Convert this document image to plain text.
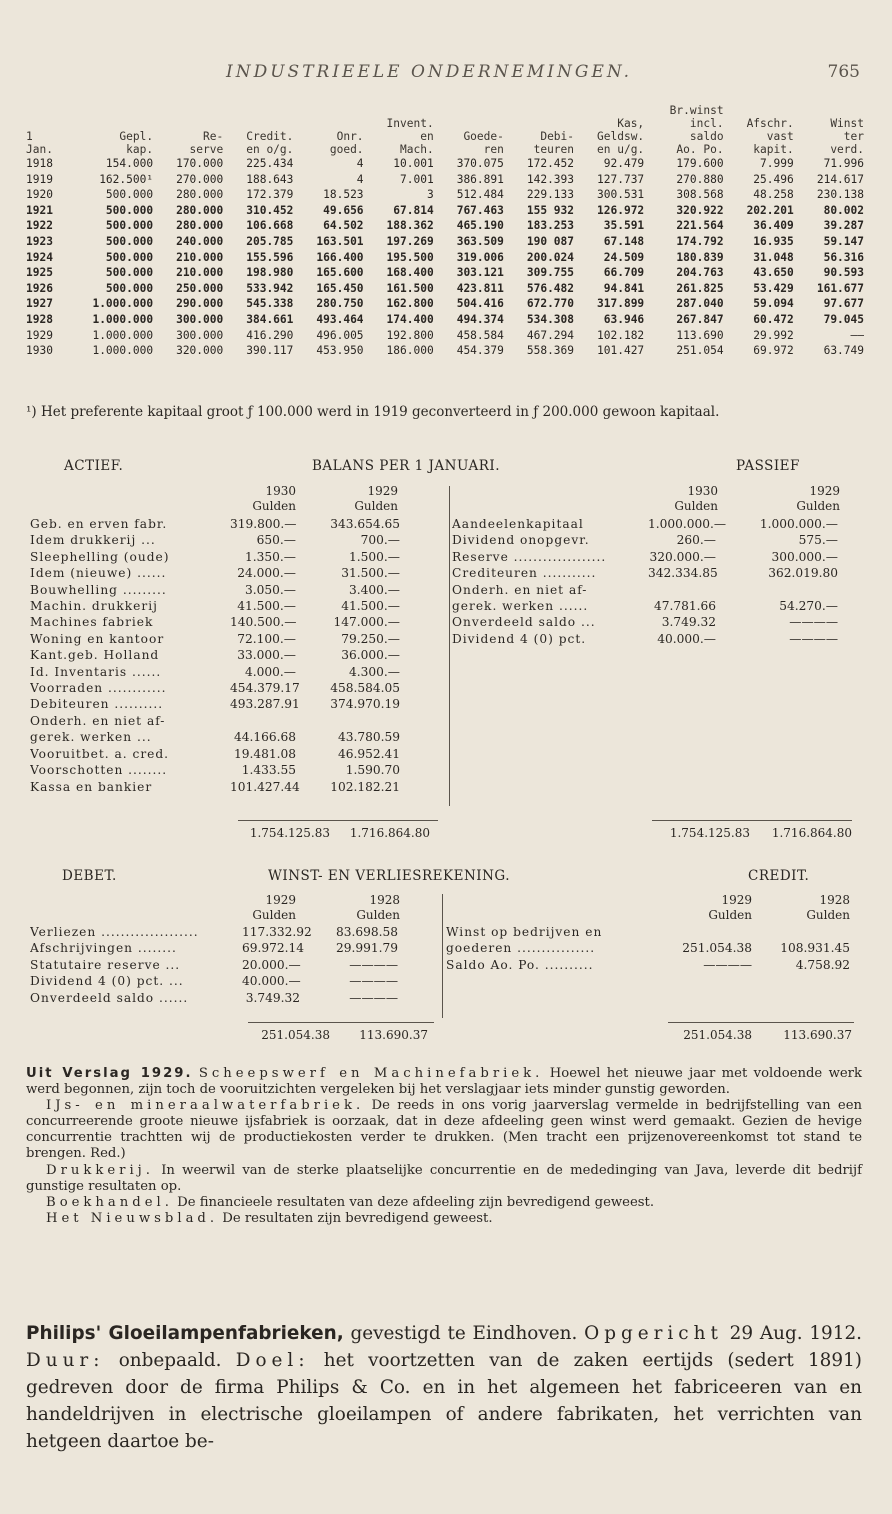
INDUSTRIEELE ONDERNEMINGEN.	765
									Br.winst		
					Invent.			Kas,	incl.	Afschr.	Winst
1	Gepl.	Re-	Credit.	Onr.	en	Goede-	Debi-	Geldsw.	saldo	vast	ter
Jan.	kap.	serve	en o/g.	goed.	Mach.	ren	teuren	en u/g.	Ao. Po.	kapit.	verd.
1918	154.000	170.000	225.434	4	10.001	370.075	172.452	92.479	179.600	7.999	71.996
1919	162.500¹	270.000	188.643	4	7.001	386.891	142.393	127.737	270.880	25.496	214.617
1920	500.000	280.000	172.379	18.523	3	512.484	229.133	300.531	308.568	48.258	230.138
1921	500.000	280.000	310.452	49.656	67.814	767.463	155 932	126.972	320.922	202.201	80.002
1922	500.000	280.000	106.668	64.502	188.362	465.190	183.253	35.591	221.564	36.409	39.287
1923	500.000	240.000	205.785	163.501	197.269	363.509	190 087	67.148	174.792	16.935	59.147
1924	500.000	210.000	155.596	166.400	195.500	319.006	200.024	24.509	180.839	31.048	56.316
1925	500.000	210.000	198.980	165.600	168.400	303.121	309.755	66.709	204.763	43.650	90.593
1926	500.000	250.000	533.942	165.450	161.500	423.811	576.482	94.841	261.825	53.429	161.677
1927	1.000.000	290.000	545.338	280.750	162.800	504.416	672.770	317.899	287.040	59.094	97.677
1928	1.000.000	300.000	384.661	493.464	174.400	494.374	534.308	63.946	267.847	60.472	79.045
1929	1.000.000	300.000	416.290	496.005	192.800	458.584	467.294	102.182	113.690	29.992	——
1930	1.000.000	320.000	390.117	453.950	186.000	454.379	558.369	101.427	251.054	69.972	63.749
¹) Het preferente kapitaal groot ƒ 100.000 werd in 1919 geconverteerd in ƒ 200.000 gewoon kapitaal.
ACTIEF.	BALANS PER 1 JANUARI.	PASSIEF
1930
Gulden
1929
Gulden
1930
Gulden
1929
Gulden
Geb. en erven fabr.	319.800.—	343.654.65
Idem drukkerij ...	650.—	700.—
Sleephelling (oude)	1.350.—	1.500.—
Idem (nieuwe) ......	24.000.—	31.500.—
Bouwhelling .........	3.050.—	3.400.—
Machin. drukkerij	41.500.—	41.500.—
Machines fabriek	140.500.—	147.000.—
Woning en kantoor	72.100.—	79.250.—
Kant.geb. Holland	33.000.—	36.000.—
Id. Inventaris ......	4.000.—	4.300.—
Voorraden ............	454.379.17	458.584.05
Debiteuren ..........	493.287.91	374.970.19
Onderh. en niet af-
gerek. werken ...	44.166.68	43.780.59
Vooruitbet. a. cred.	19.481.08	46.952.41
Voorschotten ........	1.433.55	1.590.70
Kassa en bankier	101.427.44	102.182.21
Aandeelenkapitaal	1.000.000.—	1.000.000.—
Dividend onopgevr.	260.—	575.—
Reserve ...................	320.000.—	300.000.—
Crediteuren ...........	342.334.85	362.019.80
Onderh. en niet af-
gerek. werken ......	47.781.66	54.270.—
Onverdeeld saldo ...	3.749.32	————
Dividend 4 (0) pct.	40.000.—	————
1.754.125.83	1.716.864.80	1.754.125.83	1.716.864.80
DEBET.	WINST- EN VERLIESREKENING.	CREDIT.
1929
Gulden
1928
Gulden
1929
Gulden
1928
Gulden
Verliezen ....................	117.332.92	83.698.58
Afschrijvingen ........	69.972.14	29.991.79
Statutaire reserve ...	20.000.—	————
Dividend 4 (0) pct. ...	40.000.—	————
Onverdeeld saldo ......	3.749.32	————
Winst op bedrijven en
goederen ................	251.054.38	108.931.45
Saldo Ao. Po. ..........	————	4.758.92
251.054.38	113.690.37	251.054.38	113.690.37

Uit Verslag 1929. Scheepswerf en Machinefabriek. Hoewel het nieuwe jaar met voldoende werk werd begonnen, zijn toch de vooruitzichten vergeleken bij het verslagjaar iets minder gunstig geworden.

IJs- en mineraalwaterfabriek. De reeds in ons vorig jaarverslag vermelde in bedrijfstelling van een concurreerende groote nieuwe ijsfabriek is oorzaak, dat in deze afdeeling geen winst werd gemaakt. Gezien de hevige concurrentie trachtten wij de productiekosten verder te drukken. (Men tracht een prijzenovereenkomst tot stand te brengen. Red.)

Drukkerij. In weerwil van de sterke plaatselijke concurrentie en de mededinging van Java, leverde dit bedrijf gunstige resultaten op.

Boekhandel. De financieele resultaten van deze afdeeling zijn bevredigend geweest.

Het Nieuwsblad. De resultaten zijn bevredigend geweest.

Philips' Gloeilampenfabrieken, gevestigd te Eindhoven. Opgericht 29 Aug. 1912. Duur: onbepaald. Doel: het voortzetten van de zaken eertijds (sedert 1891) gedreven door de firma Philips & Co. en in het algemeen het fabriceeren van en handeldrijven in electrische gloeilampen of andere fabrikaten, het verrichten van hetgeen daartoe be-
